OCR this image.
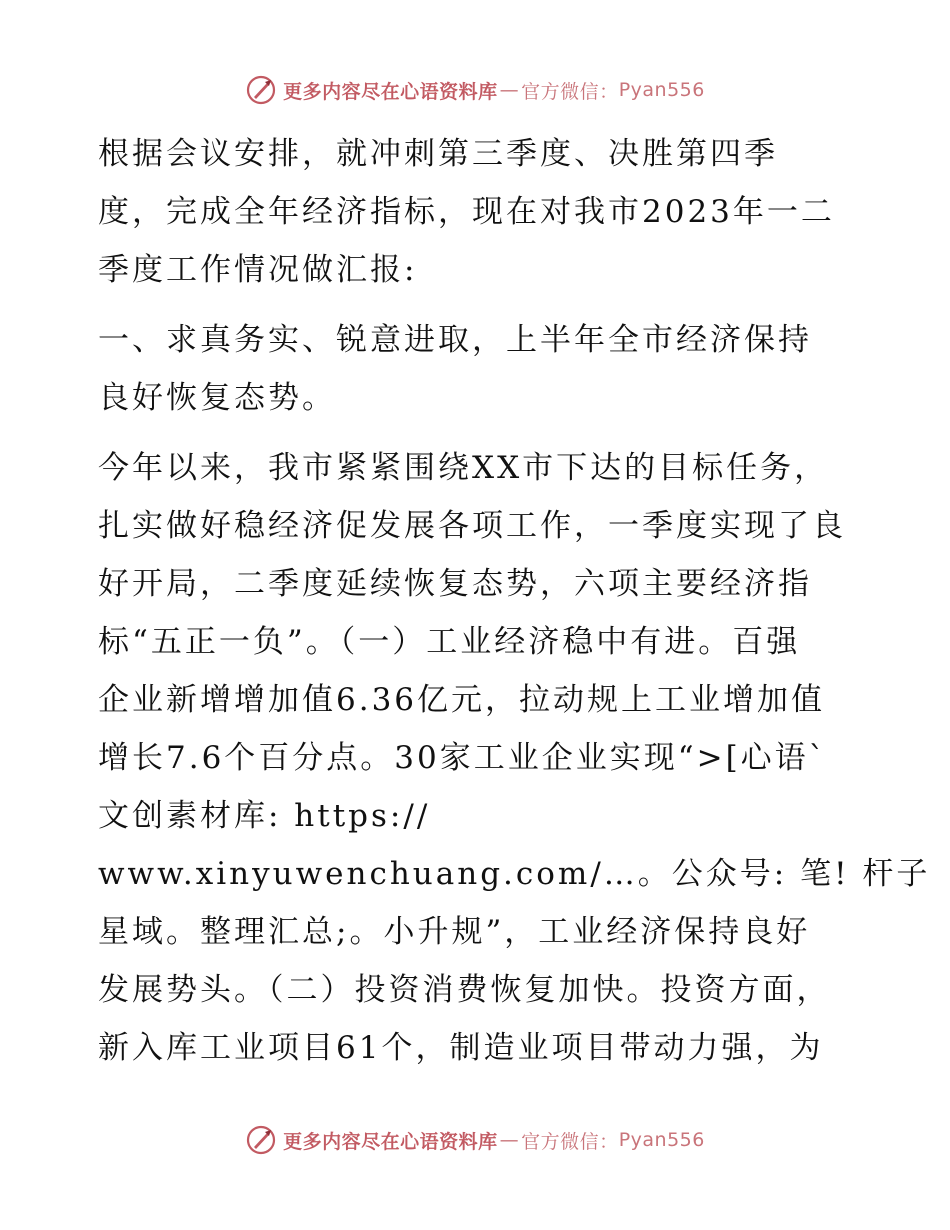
更多内容尽在心语资料库 — 官方微信： Pyan556

根据会议安排，就冲刺第三季度、决胜第四季
度，完成全年经济指标，现在对我市2023年一二
季度工作情况做汇报:

一、求真务实、锐意进取，上半年全市经济保持
良好恢复态势。

今年以来，我市紧紧围绕XX市下达的目标任务，
扎实做好稳经济促发展各项工作，一季度实现了良
好开局，二季度延续恢复态势，六项主要经济指
标“五正一负”。（一）工业经济稳中有进。百强
企业新增增加值6.36亿元，拉动规上工业增加值
增长7.6个百分点。30家工业企业实现“>[心语`
文创素材库: https://
www.xinyuwenchuang.com/…。公众号: 笔! 杆子
星域。整理汇总;。小升规”，工业经济保持良好
发展势头。（二）投资消费恢复加快。投资方面，
新入库工业项目61个，制造业项目带动力强，为

更多内容尽在心语资料库 — 官方微信： Pyan556
